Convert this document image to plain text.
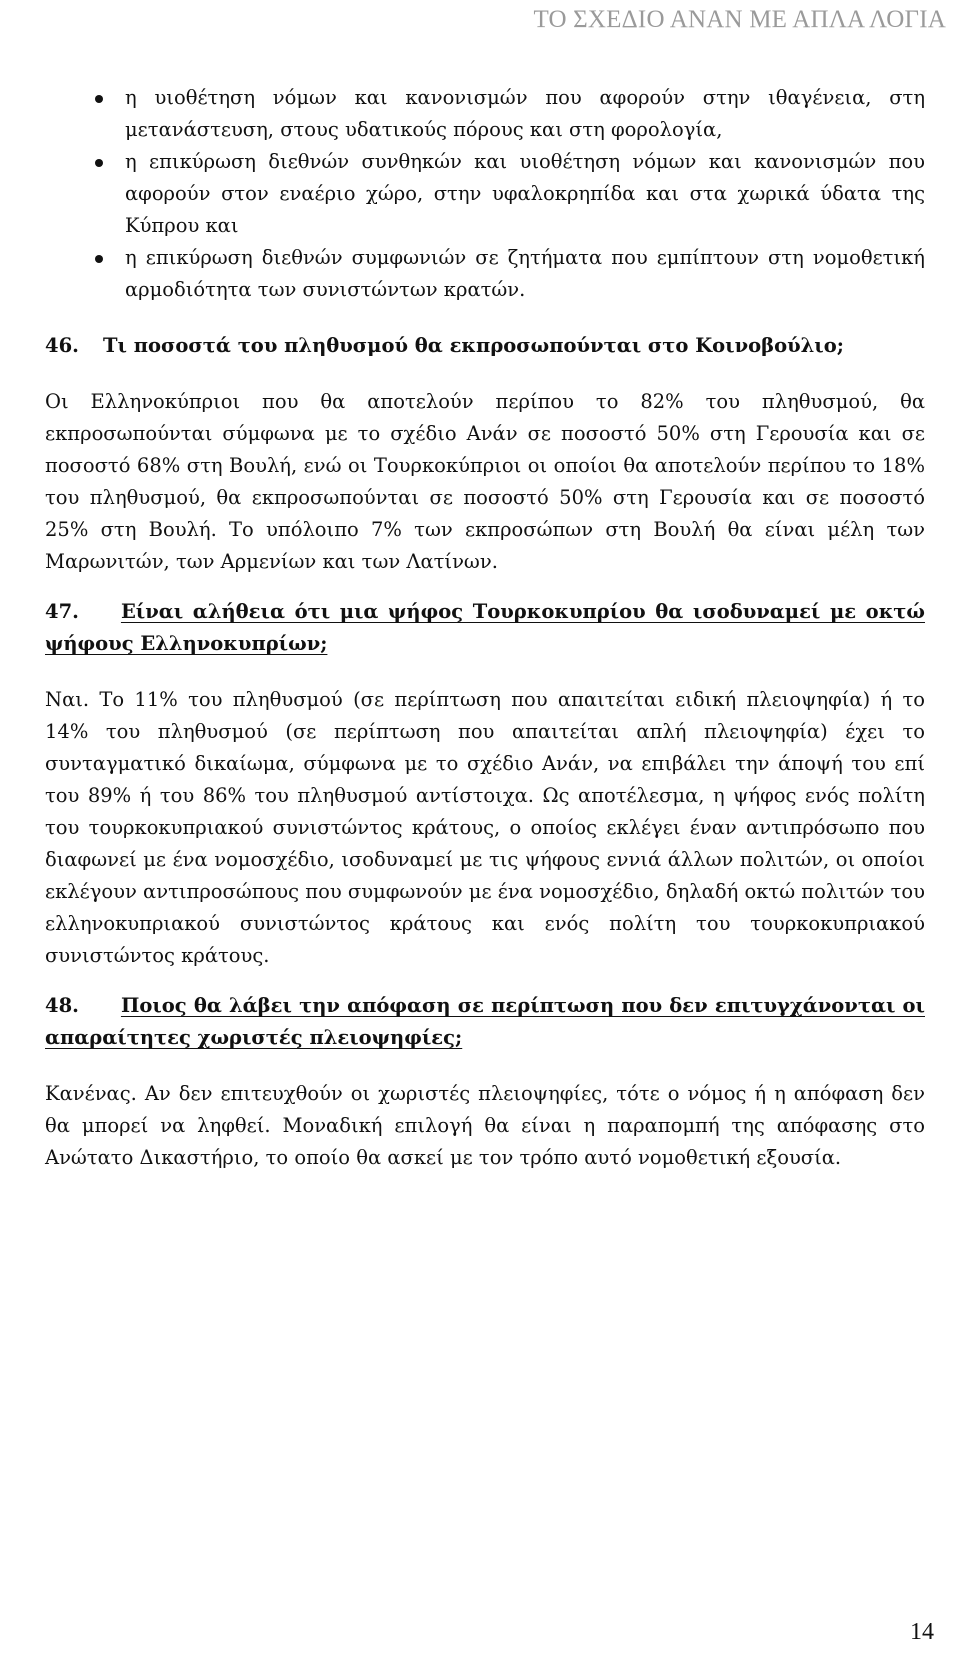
ΤΟ ΣΧΕΔΙΟ ΑΝΑΝ ΜΕ ΑΠΛΑ ΛΟΓΙΑ
η υιοθέτηση νόμων και κανονισμών που αφορούν στην ιθαγένεια, στη μετανάστευση, στους υδατικούς πόρους και στη φορολογία,
η επικύρωση διεθνών συνθηκών και υιοθέτηση νόμων και κανονισμών που αφορούν στον εναέριο χώρο, στην υφαλοκρηπίδα και στα χωρικά ύδατα της Κύπρου και
η επικύρωση διεθνών συμφωνιών σε ζητήματα που εμπίπτουν στη νομοθετική αρμοδιότητα των συνιστώντων κρατών.
46.	Τι ποσοστά του πληθυσμού θα εκπροσωπούνται στο Κοινοβούλιο;

Οι Ελληνοκύπριοι που θα αποτελούν περίπου το 82% του πληθυσμού, θα εκπροσωπούνται σύμφωνα με το σχέδιο Ανάν σε ποσοστό 50% στη Γερουσία και σε ποσοστό 68% στη Βουλή, ενώ οι Τουρκοκύπριοι οι οποίοι θα αποτελούν περίπου το 18% του πληθυσμού, θα εκπροσωπούνται σε ποσοστό 50% στη Γερουσία και σε ποσοστό 25% στη Βουλή. Το υπόλοιπο 7% των εκπροσώπων στη Βουλή θα είναι μέλη των Μαρωνιτών, των Αρμενίων και των Λατίνων.

47. Είναι αλήθεια ότι μια ψήφος Τουρκοκυπρίου θα ισοδυναμεί με οκτώ ψήφους Ελληνοκυπρίων;

Ναι. Το 11% του πληθυσμού (σε περίπτωση που απαιτείται ειδική πλειοψηφία) ή το 14% του πληθυσμού (σε περίπτωση που απαιτείται απλή πλειοψηφία) έχει το συνταγματικό δικαίωμα, σύμφωνα με το σχέδιο Ανάν, να επιβάλει την άποψή του επί του 89% ή του 86% του πληθυσμού αντίστοιχα. Ως αποτέλεσμα, η ψήφος ενός πολίτη του τουρκοκυπριακού συνιστώντος κράτους, ο οποίος εκλέγει έναν αντιπρόσωπο που διαφωνεί με ένα νομοσχέδιο, ισοδυναμεί με τις ψήφους εννιά άλλων πολιτών, οι οποίοι εκλέγουν αντιπροσώπους που συμφωνούν με ένα νομοσχέδιο, δηλαδή οκτώ πολιτών του ελληνοκυπριακού συνιστώντος κράτους και ενός πολίτη του τουρκοκυπριακού συνιστώντος κράτους.

48. Ποιος θα λάβει την απόφαση σε περίπτωση που δεν επιτυγχάνονται οι απαραίτητες χωριστές πλειοψηφίες;

Κανένας. Αν δεν επιτευχθούν οι χωριστές πλειοψηφίες, τότε ο νόμος ή η απόφαση δεν θα μπορεί να ληφθεί. Μοναδική επιλογή θα είναι η παραπομπή της απόφασης στο Ανώτατο Δικαστήριο, το οποίο θα ασκεί με τον τρόπο αυτό νομοθετική εξουσία.

14
